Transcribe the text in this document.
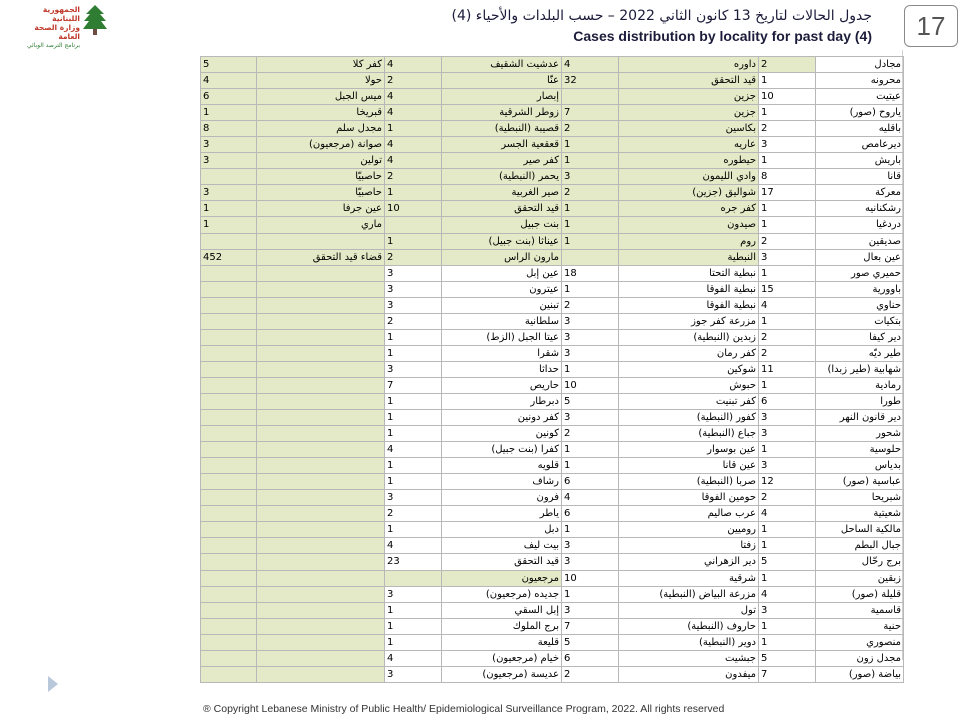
الجمهورية اللبنانية
وزارة الصحة العامة
برنامج الترصد الوبائي
جدول الحالات لتاريخ 13 كانون الثاني 2022 – حسب البلدات والأحياء (4)
Cases distribution by locality for past day (4)	17
5	كفر كلا	4	عدشيت الشقيف	4	داوره	2	مجادل
4	حولا	2	عنّا	32	قيد التحقق	1	محرونه
6	ميس الجبل	4	إبصار		جزين	10	عيتيت
1	قبريخا	4	زوطر الشرقية	7	جزين	1	ياروح (صور)
8	مجدل سلم	1	قصيبة (النبطية)	2	بكاسين	2	باقليه
3	صوانة (مرجعيون)	4	قعقعية الجسر	1	عاريه	3	ديرعامص
3	تولين	4	كفر صير	1	حيطوره	1	باريش
	حاصبيّا	2	يحمر (النبطية)	3	وادي الليمون	8	قانا
3	حاصبيّا	1	صير الغربية	2	شواليق (جزين)	17	معركة
1	عين جرفا	10	قيد التحقق	1	كفر جره	1	رشكنانيه
1	ماري		بنت جبيل	1	صيدون	1	دردغيا
		1	عيناثا (بنت جبيل)	1	روم	2	صديقين
452	قضاء قيد التحقق	2	مارون الراس		النبطية	3	عين بعال
		3	عين إبل	18	نبطية التحتا	1	حميري صور
		3	عيترون	1	نبطية الفوقا	15	باوورية
		3	تبنين	2	نبطية الفوقا	4	حناوي
		2	سلطانية	3	مزرعة كفر جوز	1	بتكيات
		1	عيتا الجبل (الزط)	3	زبدين (النبطية)	2	دير كيفا
		1	شقرا	3	كفر رمان	2	طير ديّه
		3	حداثا	1	شوكين	11	شهابية (طير زبدا)
		7	حاريص	10	حبوش	1	رمادية
		1	دبرطار	5	كفر تبنيت	6	طورا
		1	كفر دونين	3	كفور (النبطية)	3	دير قانون النهر
		1	كونين	2	جباع (النبطية)	3	شحور
		4	كفرا (بنت جبيل)	1	عين بوسوار	1	حلوسية
		1	قلويه	1	عين قانا	3	بدياس
		1	رشاف	6	صربا (النبطية)	12	عباسية (صور)
		3	فرون	4	حومين الفوقا	2	شبريحا
		2	ياطر	6	عرب صاليم	4	شعيتية
		1	دبل	1	روميين	1	مالكية الساحل
		4	بيت ليف	3	زفتا	1	جبال البطم
		23	قيد التحقق	3	دير الزهراني	5	برج رحّال
			مرجعيون	10	شرقية	1	زبقين
		3	جديده (مرجعيون)	1	مزرعة البياض (النبطية)	4	قليلة (صور)
		1	إبل السقي	3	تول	3	قاسمية
		1	برج الملوك	7	حاروف (النبطية)	1	حنية
		1	قليعة	5	دوير (النبطية)	1	منصوري
		4	خيام (مرجعيون)	6	جبشيت	5	مجدل زون
		3	عديسة (مرجعيون)	2	ميفدون	7	بياضة (صور)
® Copyright Lebanese Ministry of Public Health/ Epidemiological Surveillance Program, 2022. All rights reserved
